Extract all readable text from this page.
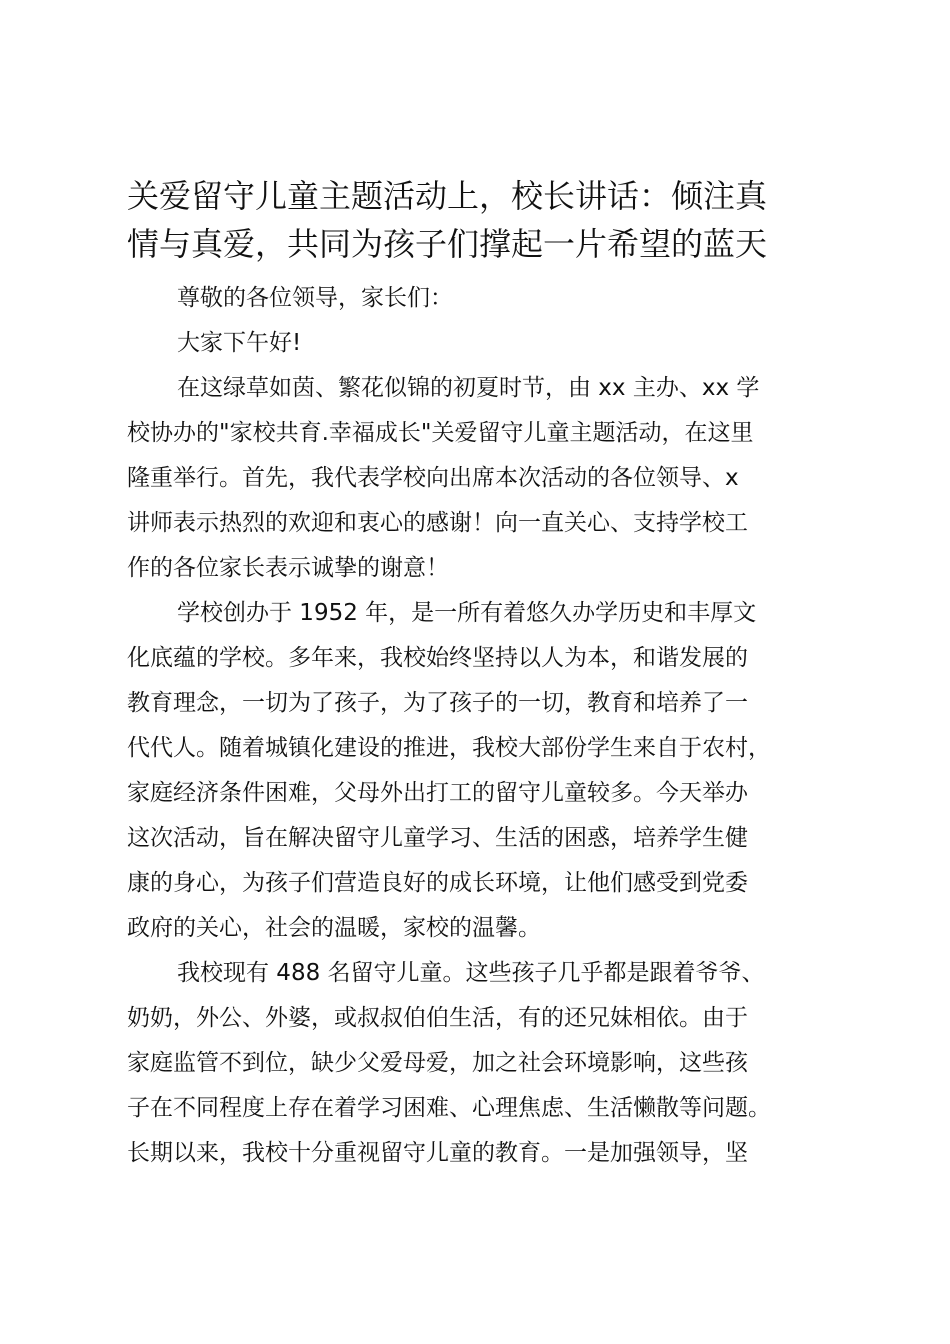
关爱留守儿童主题活动上，校长讲话：倾注真
情与真爱，共同为孩子们撑起一片希望的蓝天
尊敬的各位领导，家长们：
大家下午好!
在这绿草如茵、繁花似锦的初夏时节，由 xx 主办、xx 学
校协办的"家校共育.幸福成长"关爱留守儿童主题活动，在这里
隆重举行。首先，我代表学校向出席本次活动的各位领导、x
讲师表示热烈的欢迎和衷心的感谢！向一直关心、支持学校工
作的各位家长表示诚挚的谢意！
学校创办于 1952 年，是一所有着悠久办学历史和丰厚文
化底蕴的学校。多年来，我校始终坚持以人为本，和谐发展的
教育理念，一切为了孩子，为了孩子的一切，教育和培养了一
代代人。随着城镇化建设的推进，我校大部份学生来自于农村，
家庭经济条件困难，父母外出打工的留守儿童较多。今天举办
这次活动，旨在解决留守儿童学习、生活的困惑，培养学生健
康的身心，为孩子们营造良好的成长环境，让他们感受到党委
政府的关心，社会的温暖，家校的温馨。
我校现有 488 名留守儿童。这些孩子几乎都是跟着爷爷、
奶奶，外公、外婆，或叔叔伯伯生活，有的还兄妹相依。由于
家庭监管不到位，缺少父爱母爱，加之社会环境影响，这些孩
子在不同程度上存在着学习困难、心理焦虑、生活懒散等问题。
长期以来，我校十分重视留守儿童的教育。一是加强领导，坚
